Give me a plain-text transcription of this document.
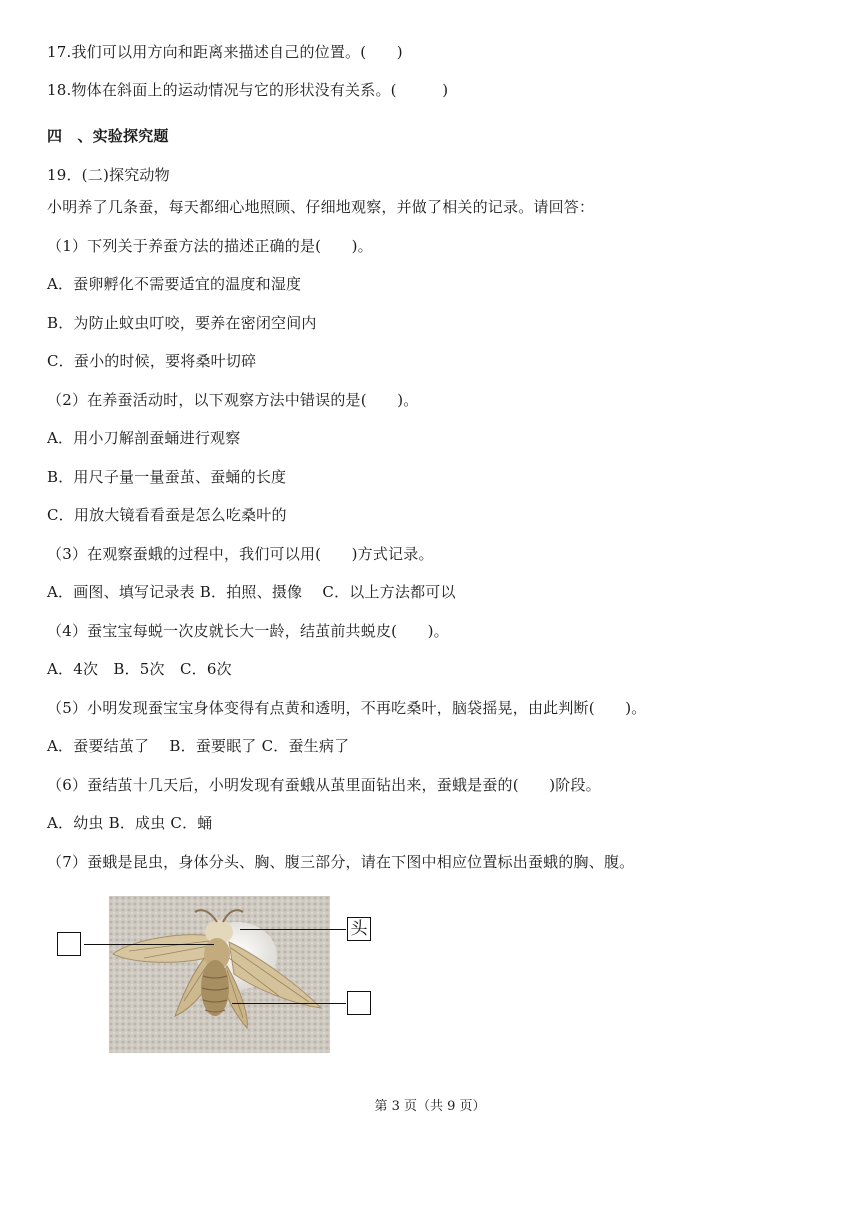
17.我们可以用方向和距离来描述自己的位置。(　　)
18.物体在斜面上的运动情况与它的形状没有关系。(　　　)
四　、实验探究题
19．(二)探究动物
小明养了几条蚕，每天都细心地照顾、仔细地观察，并做了相关的记录。请回答：
（1）下列关于养蚕方法的描述正确的是(　　)。
A．蚕卵孵化不需要适宜的温度和湿度
B．为防止蚊虫叮咬，要养在密闭空间内
C．蚕小的时候，要将桑叶切碎
（2）在养蚕活动时，以下观察方法中错误的是(　　)。
A．用小刀解剖蚕蛹进行观察
B．用尺子量一量蚕茧、蚕蛹的长度
C．用放大镜看看蚕是怎么吃桑叶的
（3）在观察蚕蛾的过程中，我们可以用(　　)方式记录。
A．画图、填写记录表 B．拍照、摄像　 C．以上方法都可以
（4）蚕宝宝每蜕一次皮就长大一龄，结茧前共蜕皮(　　)。
A．4次　B．5次　C．6次
（5）小明发现蚕宝宝身体变得有点黄和透明，不再吃桑叶，脑袋摇晃，由此判断(　　)。
A．蚕要结茧了　 B．蚕要眠了 C．蚕生病了
（6）蚕结茧十几天后，小明发现有蚕蛾从茧里面钻出来，蚕蛾是蚕的(　　)阶段。
A．幼虫 B．成虫 C．蛹
（7）蚕蛾是昆虫，身体分头、胸、腹三部分，请在下图中相应位置标出蚕蛾的胸、腹。
头
第 3 页（共 9 页）
